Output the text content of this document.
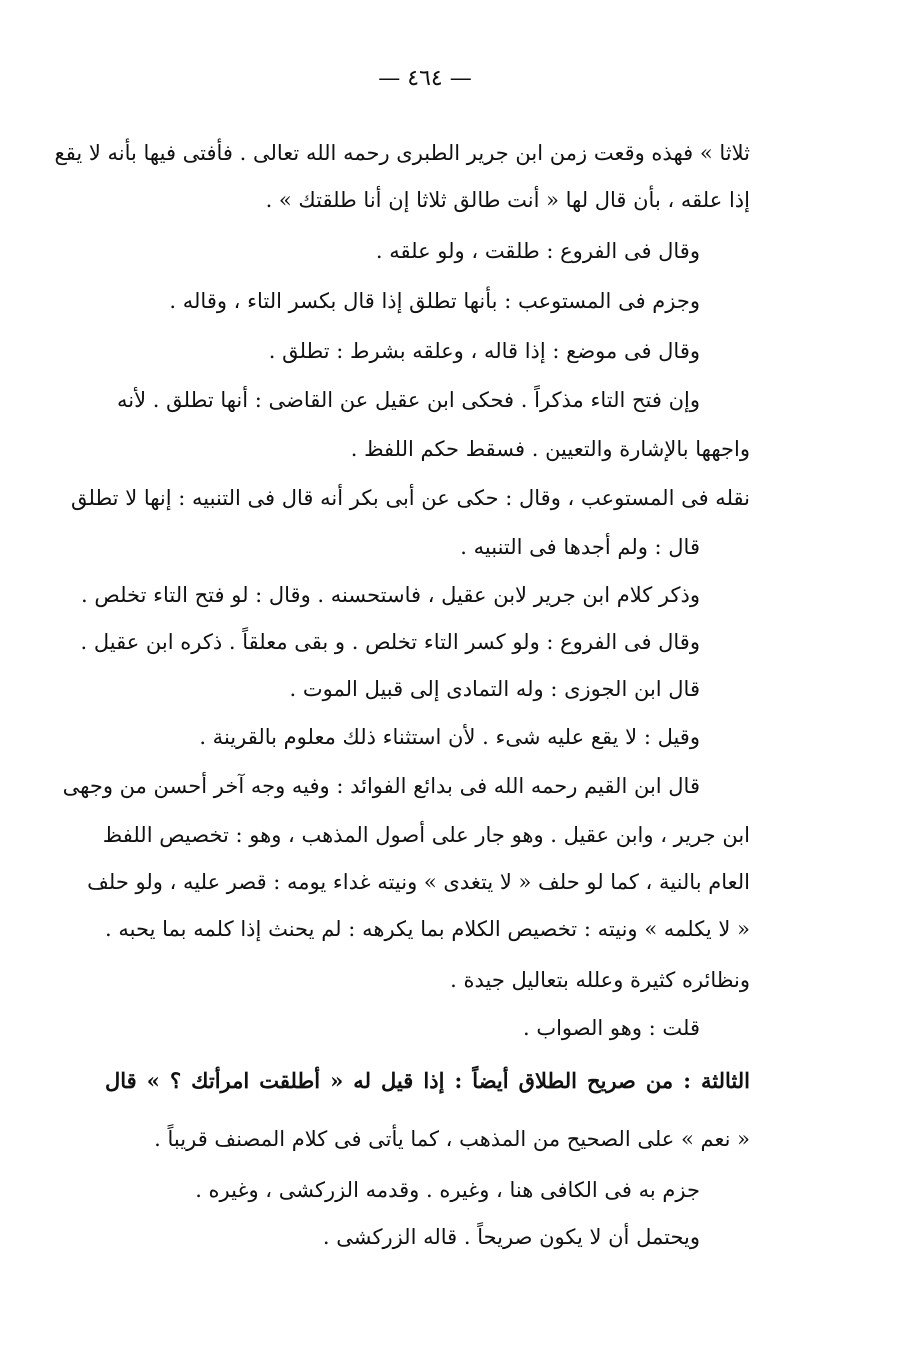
— ٤٦٤ —
ثلاثا » فهذه وقعت زمن ابن جرير الطبرى رحمه الله تعالى . فأفتى فيها بأنه لا يقع
إذا علقه ، بأن قال لها « أنت طالق ثلاثا إن أنا طلقتك » .
وقال فى الفروع : طلقت ، ولو علقه .
وجزم فى المستوعب : بأنها تطلق إذا قال بكسر التاء ، وقاله .
وقال فى موضع : إذا قاله ، وعلقه بشرط : تطلق .
وإن فتح التاء مذكراً . فحكى ابن عقيل عن القاضى : أنها تطلق . لأنه
واجهها بالإشارة والتعيين . فسقط حكم اللفظ .
نقله فى المستوعب ، وقال : حكى عن أبى بكر أنه قال فى التنبيه : إنها لا تطلق
قال : ولم أجدها فى التنبيه .
وذكر كلام ابن جرير لابن عقيل ، فاستحسنه . وقال : لو فتح التاء تخلص .
وقال فى الفروع : ولو كسر التاء تخلص . و بقى معلقاً . ذكره ابن عقيل .
قال ابن الجوزى : وله التمادى إلى قبيل الموت .
وقيل : لا يقع عليه شىء . لأن استثناء ذلك معلوم بالقرينة .
قال ابن القيم رحمه الله فى بدائع الفوائد : وفيه وجه آخر أحسن من وجهى
ابن جرير ، وابن عقيل . وهو جار على أصول المذهب ، وهو : تخصيص اللفظ
العام بالنية ، كما لو حلف « لا يتغدى » ونيته غداء يومه : قصر عليه ، ولو حلف
« لا يكلمه » ونيته : تخصيص الكلام بما يكرهه : لم يحنث إذا كلمه بما يحبه .
ونظائره كثيرة وعلله بتعاليل جيدة .
قلت : وهو الصواب .
الثالثة : من صريح الطلاق أيضاً : إذا قيل له « أطلقت امرأتك ؟ » قال
« نعم » على الصحيح من المذهب ، كما يأتى فى كلام المصنف قريباً .
جزم به فى الكافى هنا ، وغيره . وقدمه الزركشى ، وغيره .
ويحتمل أن لا يكون صريحاً . قاله الزركشى .
